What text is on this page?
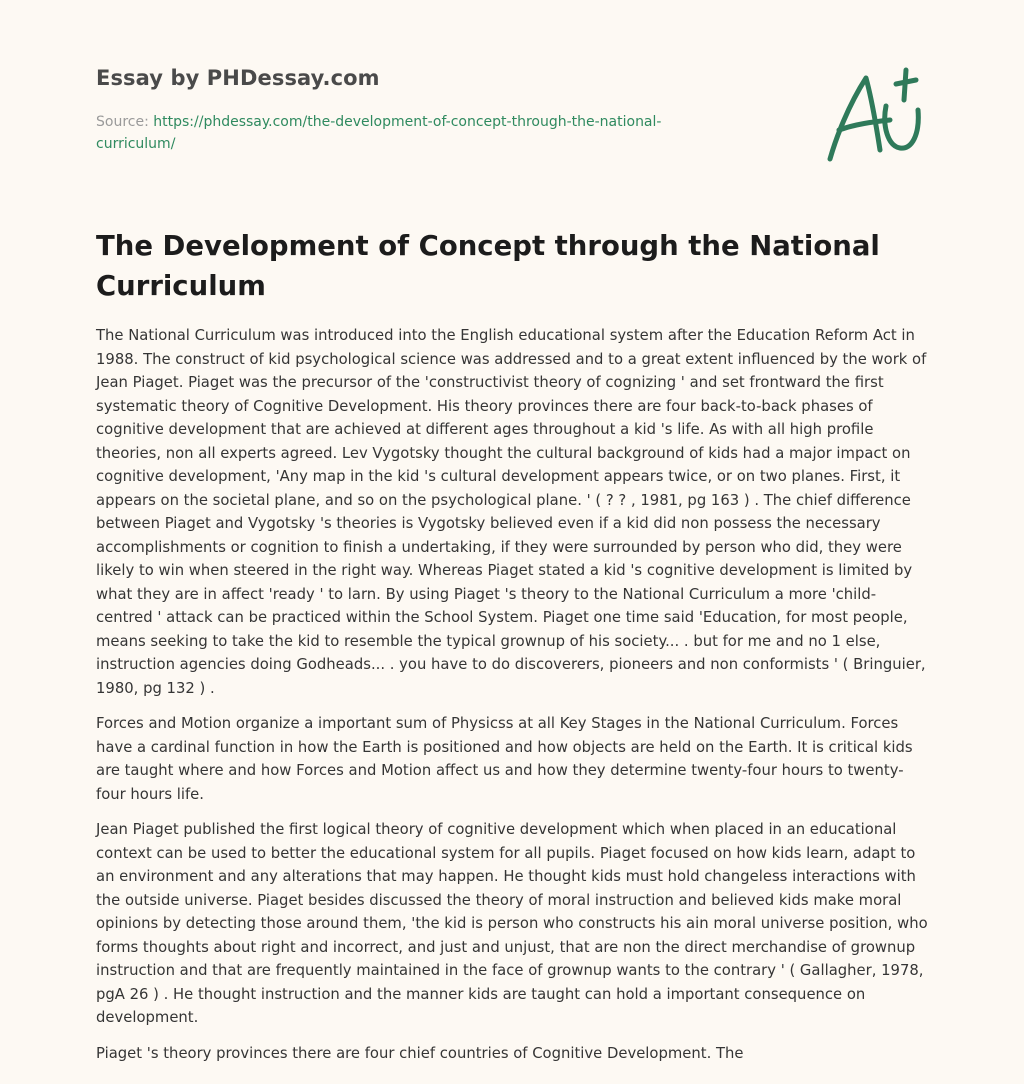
Essay by PHDessay.com

Source: https://phdessay.com/the-development-of-concept-through-the-national-
curriculum/

The Development of Concept through the National Curriculum

The National Curriculum was introduced into the English educational system after the Education Reform Act in 1988. The construct of kid psychological science was addressed and to a great extent influenced by the work of Jean Piaget. Piaget was the precursor of the 'constructivist theory of cognizing ' and set frontward the first systematic theory of Cognitive Development. His theory provinces there are four back-to-back phases of cognitive development that are achieved at different ages throughout a kid 's life. As with all high profile theories, non all experts agreed. Lev Vygotsky thought the cultural background of kids had a major impact on cognitive development, 'Any map in the kid 's cultural development appears twice, or on two planes. First, it appears on the societal plane, and so on the psychological plane. ' ( ? ? , 1981, pg 163 ) . The chief difference between Piaget and Vygotsky 's theories is Vygotsky believed even if a kid did non possess the necessary accomplishments or cognition to finish a undertaking, if they were surrounded by person who did, they were likely to win when steered in the right way. Whereas Piaget stated a kid 's cognitive development is limited by what they are in affect 'ready ' to larn. By using Piaget 's theory to the National Curriculum a more 'child-centred ' attack can be practiced within the School System. Piaget one time said 'Education, for most people, means seeking to take the kid to resemble the typical grownup of his society... . but for me and no 1 else, instruction agencies doing Godheads... . you have to do discoverers, pioneers and non conformists ' ( Bringuier, 1980, pg 132 ) .

Forces and Motion organize a important sum of Physicss at all Key Stages in the National Curriculum. Forces have a cardinal function in how the Earth is positioned and how objects are held on the Earth. It is critical kids are taught where and how Forces and Motion affect us and how they determine twenty-four hours to twenty-four hours life.

Jean Piaget published the first logical theory of cognitive development which when placed in an educational context can be used to better the educational system for all pupils. Piaget focused on how kids learn, adapt to an environment and any alterations that may happen. He thought kids must hold changeless interactions with the outside universe. Piaget besides discussed the theory of moral instruction and believed kids make moral opinions by detecting those around them, 'the kid is person who constructs his ain moral universe position, who forms thoughts about right and incorrect, and just and unjust, that are non the direct merchandise of grownup instruction and that are frequently maintained in the face of grownup wants to the contrary ' ( Gallagher, 1978, pgA 26 ) . He thought instruction and the manner kids are taught can hold a important consequence on development.

Piaget 's theory provinces there are four chief countries of Cognitive Development. The
